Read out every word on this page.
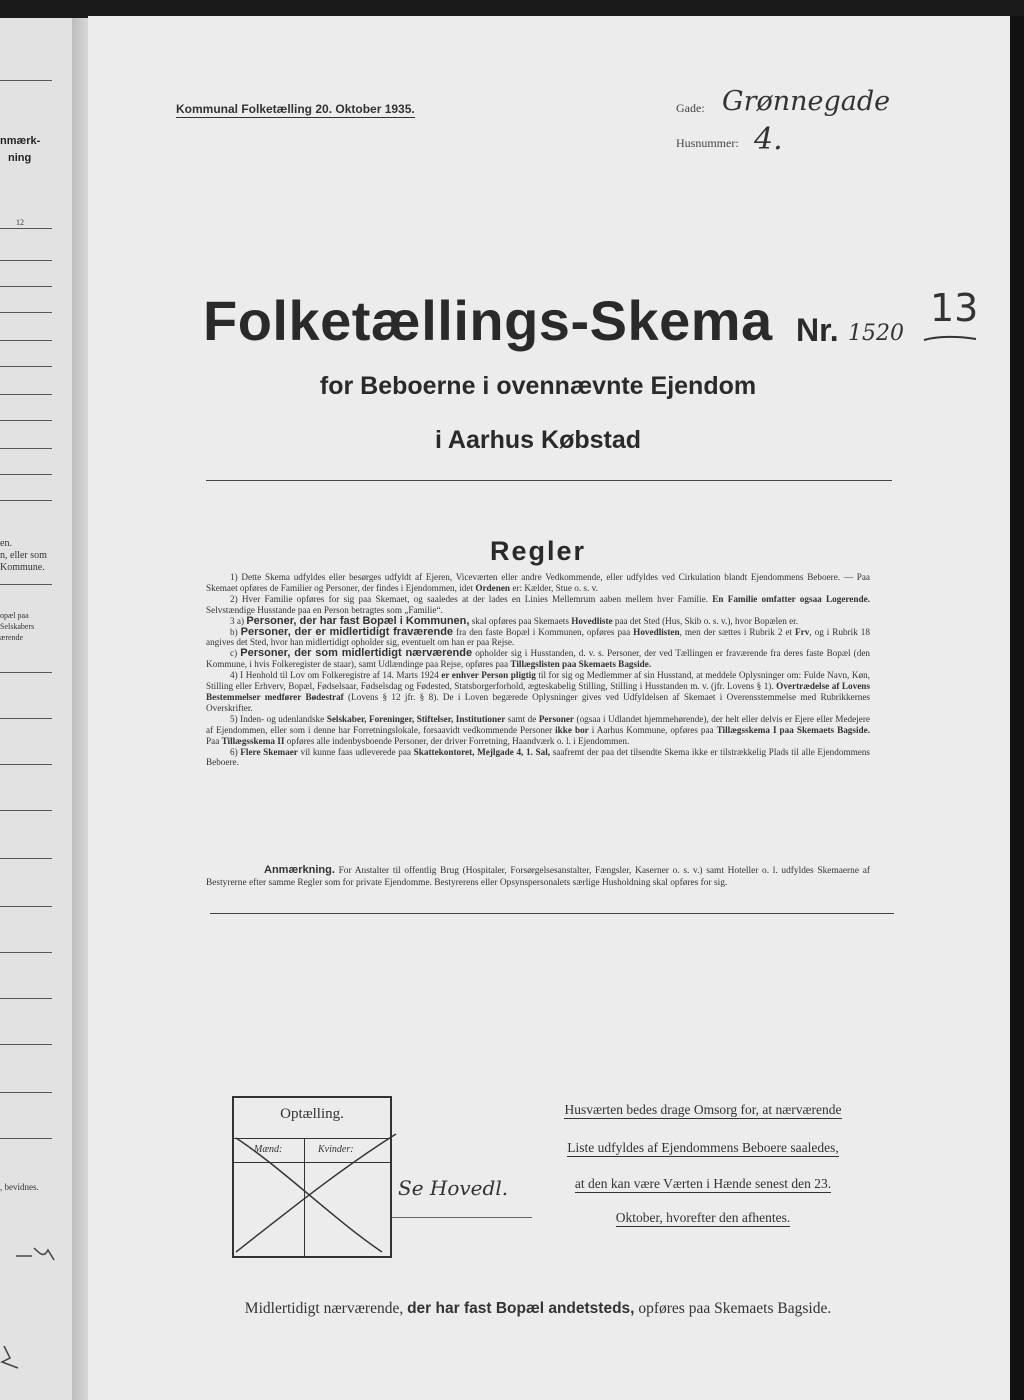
nmærk-
ning
12
en.
n, eller som
Kommune.
opæl paa
Selskabers
ærende
, bevidnes.
Kommunal Folketælling 20. Oktober 1935.	Gade: Grønnegade
Husnummer: 4.
Folketællings-Skema Nr. 1520
13
for Beboerne i ovennævnte Ejendom
i Aarhus Købstad
Regler

1) Dette Skema udfyldes eller besørges udfyldt af Ejeren, Viceværten eller andre Vedkommende, eller udfyldes ved Cirkulation blandt Ejendommens Beboere. — Paa Skemaet opføres de Familier og Personer, der findes i Ejendommen, idet Ordenen er: Kælder, Stue o. s. v.

2) Hver Familie opføres for sig paa Skemaet, og saaledes at der lades en Linies Mellemrum aaben mellem hver Familie. En Familie omfatter ogsaa Logerende. Selvstændige Husstande paa en Person betragtes som „Familie“.

3 a) Personer, der har fast Bopæl i Kommunen, skal opføres paa Skemaets Hovedliste paa det Sted (Hus, Skib o. s. v.), hvor Bopælen er.

b) Personer, der er midlertidigt fraværende fra den faste Bopæl i Kommunen, opføres paa Hovedlisten, men der sættes i Rubrik 2 et Frv, og i Rubrik 18 angives det Sted, hvor han midlertidigt opholder sig, eventuelt om han er paa Rejse.

c) Personer, der som midlertidigt nærværende opholder sig i Husstanden, d. v. s. Personer, der ved Tællingen er fraværende fra deres faste Bopæl (den Kommune, i hvis Folkeregister de staar), samt Udlændinge paa Rejse, opføres paa Tillægslisten paa Skemaets Bagside.

4) I Henhold til Lov om Folkeregistre af 14. Marts 1924 er enhver Person pligtig til for sig og Medlemmer af sin Husstand, at meddele Oplysninger om: Fulde Navn, Køn, Stilling eller Erhverv, Bopæl, Fødselsaar, Fødselsdag og Fødested, Statsborgerforhold, ægteskabelig Stilling, Stilling i Husstanden m. v. (jfr. Lovens § 1). Overtrædelse af Lovens Bestemmelser medfører Bødestraf (Lovens § 12 jfr. § 8). De i Loven begærede Oplysninger gives ved Udfyldelsen af Skemaet i Overensstemmelse med Rubrikkernes Overskrifter.

5) Inden- og udenlandske Selskaber, Foreninger, Stiftelser, Institutioner samt de Personer (ogsaa i Udlandet hjemmehørende), der helt eller delvis er Ejere eller Medejere af Ejendommen, eller som i denne har Forretningslokale, forsaavidt vedkommende Personer ikke bor i Aarhus Kommune, opføres paa Tillægsskema I paa Skemaets Bagside. Paa Tillægsskema II opføres alle indenbysboende Personer, der driver Forretning, Haandværk o. l. i Ejendommen.

6) Flere Skemaer vil kunne faas udleverede paa Skattekontoret, Mejlgade 4, 1. Sal, saafremt der paa det tilsendte Skema ikke er tilstrækkelig Plads til alle Ejendommens Beboere.

Anmærkning. For Anstalter til offentlig Brug (Hospitaler, Forsørgelsesanstalter, Fængsler, Kaserner o. s. v.) samt Hoteller o. l. udfyldes Skemaerne af Bestyrerne efter samme Regler som for private Ejendomme. Bestyrerens eller Opsynspersonalets særlige Husholdning skal opføres for sig.
Optælling.
Mænd:	Kvinder:
Se Hovedl.
Husværten bedes drage Omsorg for, at nærværende
Liste udfyldes af Ejendommens Beboere saaledes,
at den kan være Værten i Hænde senest den 23.
Oktober, hvorefter den afhentes.
Midlertidigt nærværende, der har fast Bopæl andetsteds, opføres paa Skemaets Bagside.
